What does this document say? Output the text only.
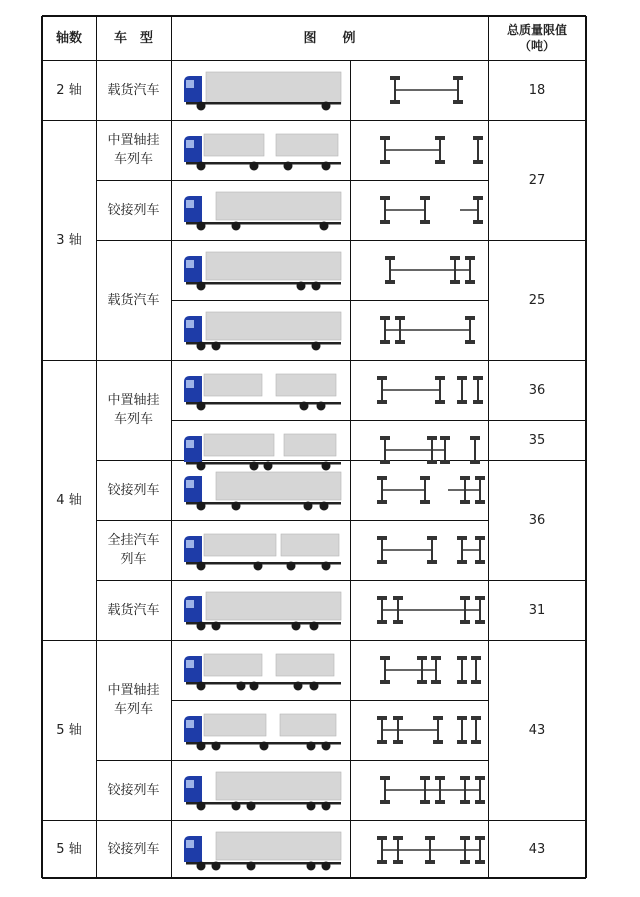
轴数	车　型	图　　例
总质量限值（吨）
2 轴
3 轴
4 轴
5 轴
5 轴
载货汽车
中置轴挂车列车
铰接列车
载货汽车
中置轴挂车列车
铰接列车
全挂汽车列车
载货汽车
中置轴挂车列车
铰接列车
铰接列车
18
27
25
36
35
36
31
43
43
